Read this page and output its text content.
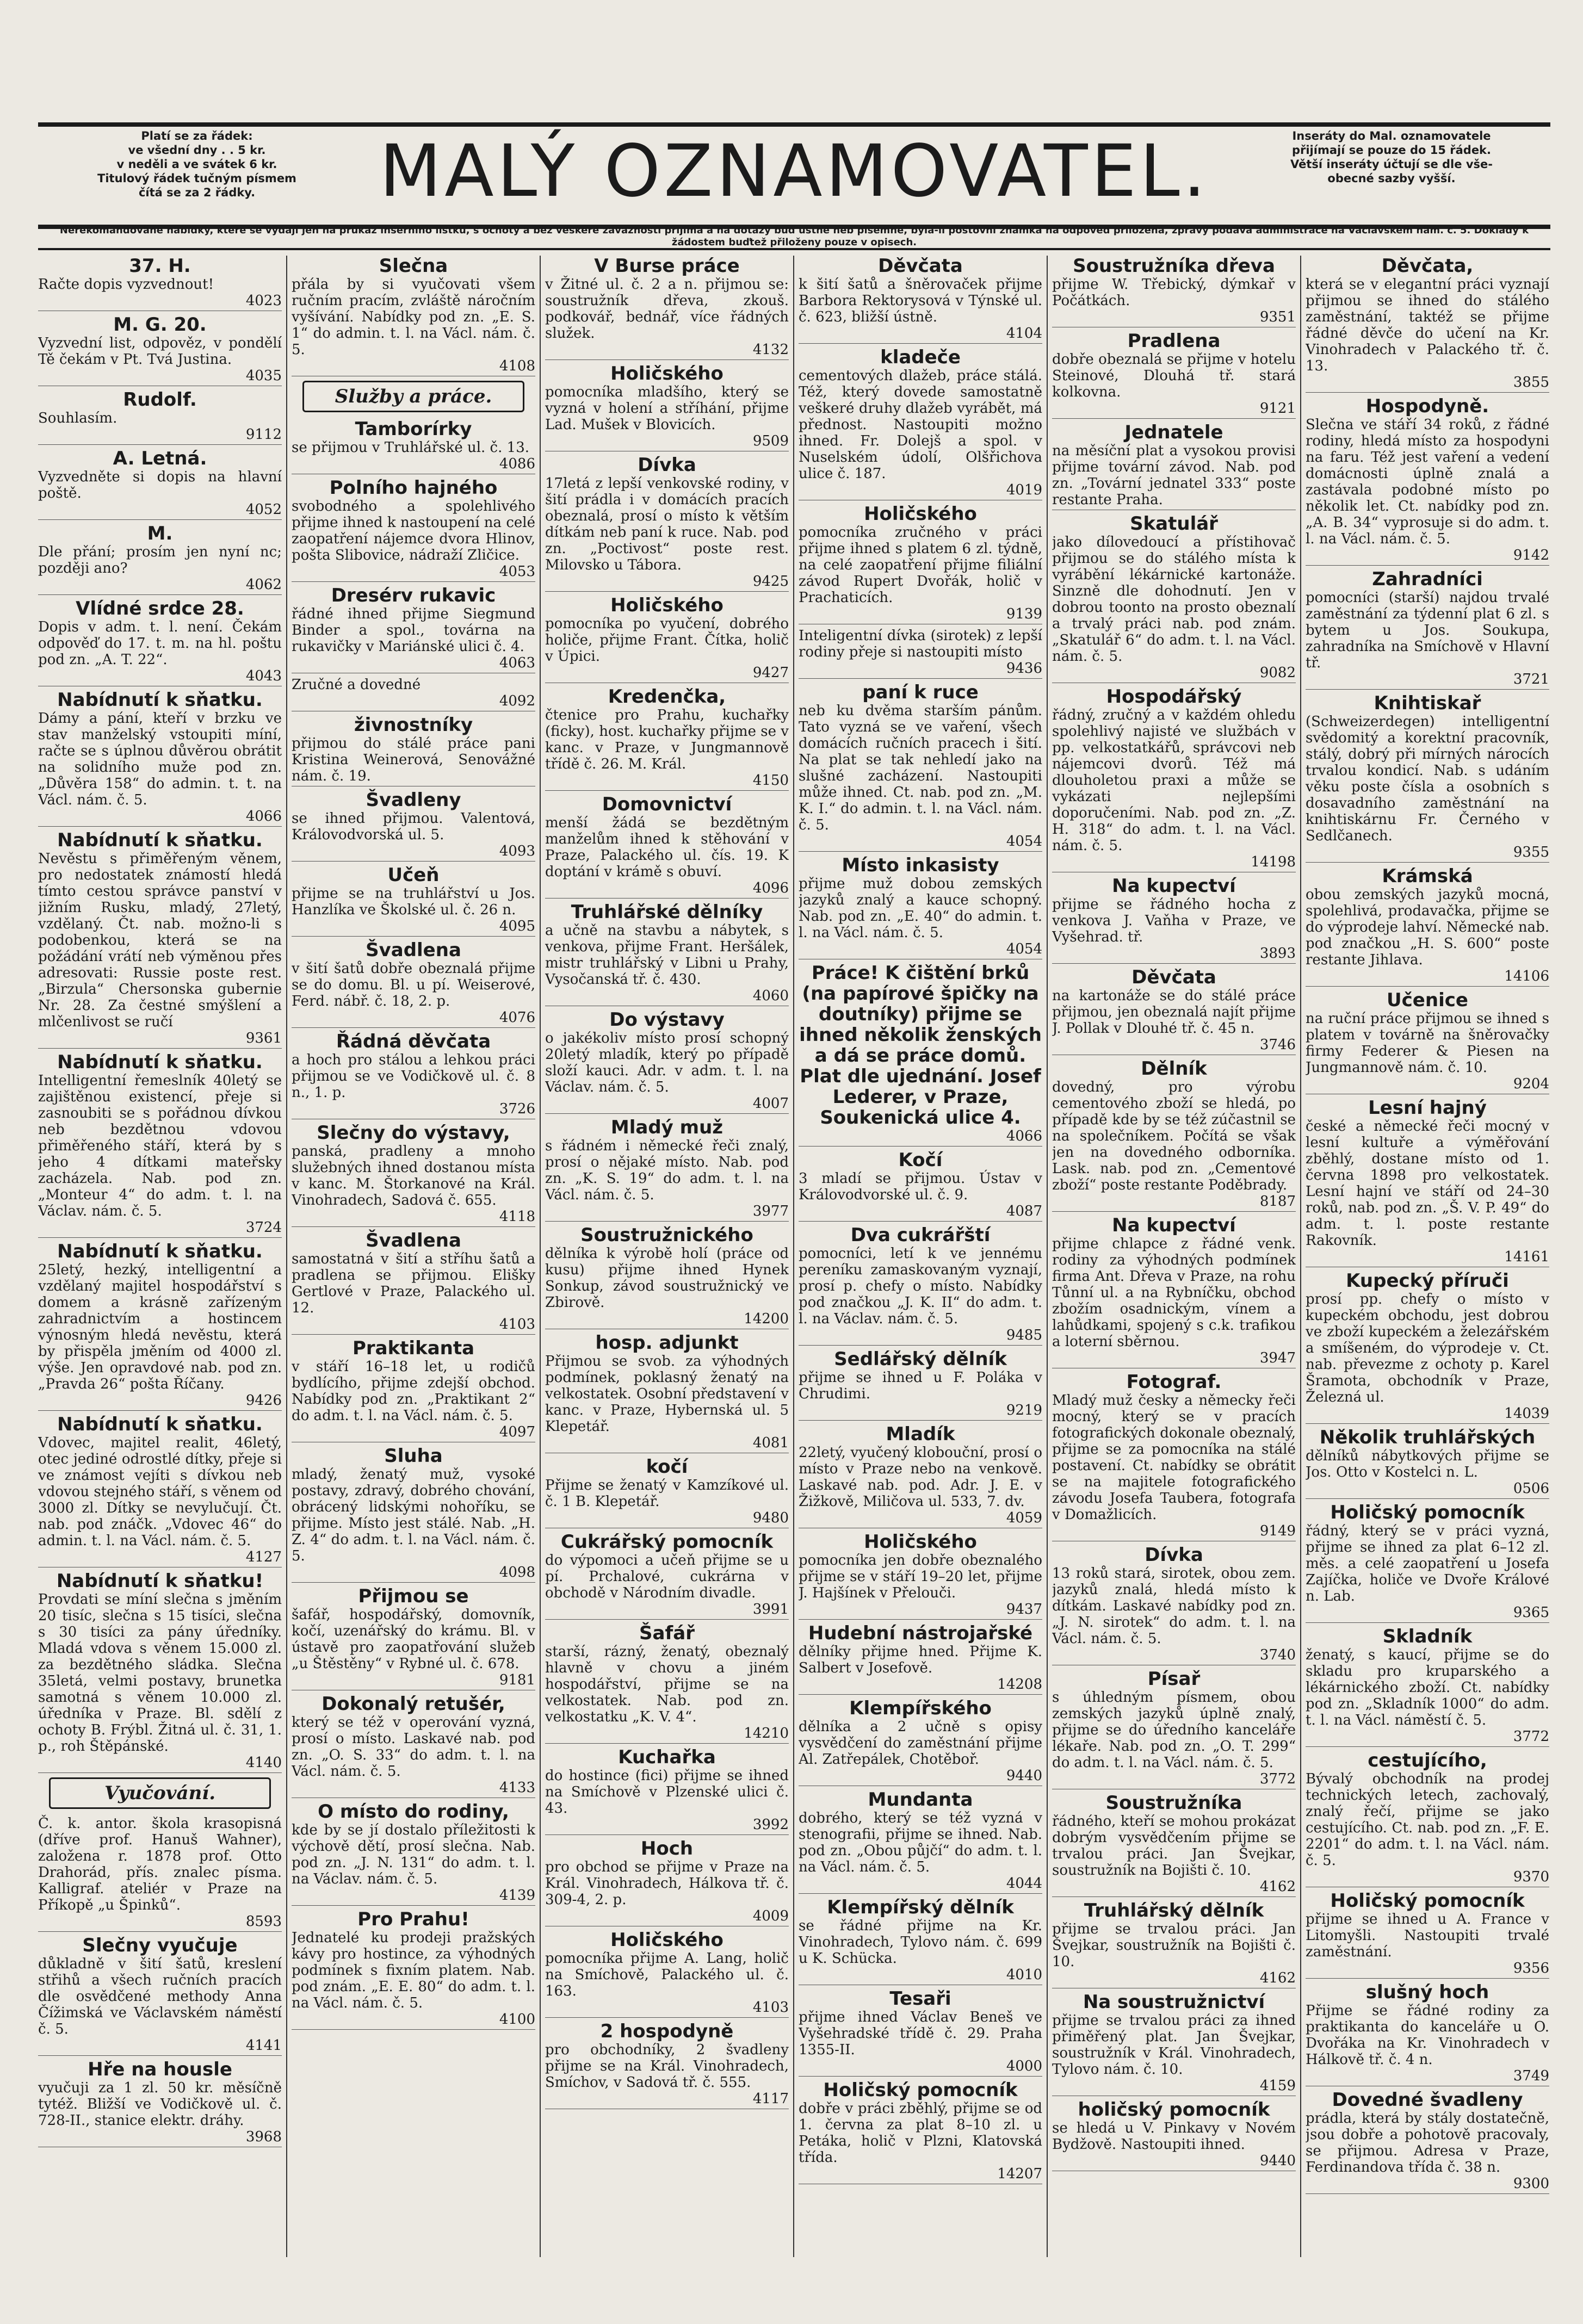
Platí se za řádek:
ve všední dny . . 5 kr.
v neděli a ve svátek 6 kr.
Titulový řádek tučným písmem
čítá se za 2 řádky.	MALÝ OZNAMOVATEL.	Inseráty do Mal. oznamovatele
přijímají se pouze do 15 řádek.
Větší inseráty účtují se dle vše-
obecné sazby vyšší.
Nerekomandované nabídky, které se vydají jen na průkaz inserního lístku, s ochoty a bez veškeré závaznosti přijímá a na dotazy buď ústně neb písemně, byla-li poštovní známka na odpověď přiložena, zprávy podává administrace na Václavském nám. č. 5. Doklady k žádostem buďtež přiloženy pouze v opisech.
37. H.
Račte dopis vyzvednout!
4023
M. G. 20.
Vyzvední list, odpověz, v pondělí Tě čekám v Pt. Tvá Justina.
4035
Rudolf.
Souhlasím.
9112
A. Letná.
Vyzvedněte si dopis na hlavní poště.
4052
M.
Dle přání; prosím jen nyní nc; později ano?
4062
Vlídné srdce 28.
Dopis v adm. t. l. není. Čekám odpověď do 17. t. m. na hl. poštu pod zn. „A. T. 22“.
4043
Nabídnutí k sňatku.
Dámy a pání, kteří v brzku ve stav manželský vstoupiti míní, račte se s úplnou důvěrou obrátit na solidního muže pod zn. „Důvěra 158“ do admin. t. t. na Václ. nám. č. 5.
4066
Nabídnutí k sňatku.
Nevěstu s přiměřeným věnem, pro nedostatek známostí hledá tímto cestou správce panství v jižním Rusku, mladý, 27letý, vzdělaný. Čt. nab. možno-li s podobenkou, která se na požádání vrátí neb výměnou přes adresovati: Russie poste rest. „Birzula“ Chersonska gubernie Nr. 28. Za čestné smýšlení a mlčenlivost se ručí
9361
Nabídnutí k sňatku.
Intelligentní řemeslník 40letý se zajištěnou existencí, přeje si zasnoubiti se s pořádnou dívkou neb bezdětnou vdovou přiměřeného stáří, která by s jeho 4 dítkami mateřsky zacházela. Nab. pod zn. „Monteur 4“ do adm. t. l. na Václav. nám. č. 5.
3724
Nabídnutí k sňatku.
25letý, hezký, intelligentní a vzdělaný majitel hospodářství s domem a krásně zařízeným zahradnictvím a hostincem výnosným hledá nevěstu, která by přispěla jměním od 4000 zl. výše. Jen opravdové nab. pod zn. „Pravda 26“ pošta Říčany.
9426
Nabídnutí k sňatku.
Vdovec, majitel realit, 46letý, otec jediné odrostlé dítky, přeje si ve známost vejíti s dívkou neb vdovou stejného stáří, s věnem od 3000 zl. Dítky se nevylučují. Čt. nab. pod znáčk. „Vdovec 46“ do admin. t. l. na Václ. nám. č. 5.
4127
Nabídnutí k sňatku!
Provdati se míní slečna s jměním 20 tisíc, slečna s 15 tisíci, slečna s 30 tisíci za pány úředníky. Mladá vdova s věnem 15.000 zl. za bezdětného sládka. Slečna 35letá, velmi postavy, brunetka samotná s věnem 10.000 zl. úředníka v Praze. Bl. sdělí z ochoty B. Frýbl. Žitná ul. č. 31, 1. p., roh Štěpánské.
4140
Vyučování.
Č. k. antor. škola krasopisná (dříve prof. Hanuš Wahner), založena r. 1878 prof. Otto Drahorád, přís. znalec písma. Kalligraf. ateliér v Praze na Příkopě „u Špinků“.
8593
Slečny vyučuje
důkladně v šití šatů, kreslení střihů a všech ručních pracích dle osvědčené methody Anna Čížimská ve Václavském náměstí č. 5.
4141
Hře na housle
vyučuji za 1 zl. 50 kr. měsíčně tytéž. Bližší ve Vodičkově ul. č. 728-II., stanice elektr. dráhy.
3968
Slečna
přála by si vyučovati všem ručním pracím, zvláště náročním vyšívání. Nabídky pod zn. „E. S. 1“ do admin. t. l. na Václ. nám. č. 5.
4108
Služby a práce.
Tamborírky
se přijmou v Truhlářské ul. č. 13.
4086
Polního hajného
svobodného a spolehlivého přijme ihned k nastoupení na celé zaopatření nájemce dvora Hlinov, pošta Slibovice, nádraží Zličice.
4053
Dresérv rukavic
řádné ihned přijme Siegmund Binder a spol., továrna na rukavičky v Mariánské ulici č. 4.
4063
Zručné a dovedné
4092
živnostníky
přijmou do stálé práce pani Kristina Weinerová, Senovážné nám. č. 19.
Švadleny
se ihned přijmou. Valentová, Královodvorská ul. 5.
4093
Učeň
přijme se na truhlářství u Jos. Hanzlíka ve Školské ul. č. 26 n.
4095
Švadlena
v šití šatů dobře obeznalá přijme se do domu. Bl. u pí. Weiserové, Ferd. nábř. č. 18, 2. p.
4076
Řádná děvčata
a hoch pro stálou a lehkou práci přijmou se ve Vodičkově ul. č. 8 n., 1. p.
3726
Slečny do výstavy,
panská, pradleny a mnoho služebných ihned dostanou místa v kanc. M. Štorkanové na Král. Vinohradech, Sadová č. 655.
4118
Švadlena
samostatná v šití a stříhu šatů a pradlena se přijmou. Elišky Gertlové v Praze, Palackého ul. 12.
4103
Praktikanta
v stáří 16–18 let, u rodičů bydlícího, přijme zdejší obchod. Nabídky pod zn. „Praktikant 2“ do adm. t. l. na Václ. nám. č. 5.
4097
Sluha
mladý, ženatý muž, vysoké postavy, zdravý, dobrého chování, obrácený lidskými nohoříku, se přijme. Místo jest stálé. Nab. „H. Z. 4“ do adm. t. l. na Václ. nám. č. 5.
4098
Přijmou se
šafář, hospodářský, domovník, kočí, uzenářský do krámu. Bl. v ústavě pro zaopatřování služeb „u Štěstěny“ v Rybné ul. č. 678.
9181
Dokonalý retušér,
který se též v operování vyzná, prosí o místo. Laskavé nab. pod zn. „O. S. 33“ do adm. t. l. na Václ. nám. č. 5.
4133
O místo do rodiny,
kde by se jí dostalo příležitosti k výchově dětí, prosí slečna. Nab. pod zn. „J. N. 131“ do adm. t. l. na Václav. nám. č. 5.
4139
Pro Prahu!
Jednatelé ku prodeji pražských kávy pro hostince, za výhodných podmínek s fixním platem. Nab. pod znám. „E. E. 80“ do adm. t. l. na Václ. nám. č. 5.
4100
V Burse práce
v Žitné ul. č. 2 a n. přijmou se: soustružník dřeva, zkouš. podkovář, bednář, více řádných služek.
4132
Holičského
pomocníka mladšího, který se vyzná v holení a stříhání, přijme Lad. Mušek v Blovicích.
9509
Dívka
17letá z lepší venkovské rodiny, v šití prádla i v domácích pracích obeznalá, prosí o místo k větším dítkám neb paní k ruce. Nab. pod zn. „Poctivost“ poste rest. Milovsko u Tábora.
9425
Holičského
pomocníka po vyučení, dobrého holiče, přijme Frant. Čítka, holič v Úpici.
9427
Kredenčka,
čtenice pro Prahu, kuchařky (ficky), host. kuchařky přijme se v kanc. v Praze, v Jungmannově třídě č. 26. M. Král.
4150
Domovnictví
menší žádá se bezdětným manželům ihned k stěhování v Praze, Palackého ul. čís. 19. K doptání v krámě s obuví.
4096
Truhlářské dělníky
a učně na stavbu a nábytek, s venkova, přijme Frant. Heršálek, mistr truhlářský v Libni u Prahy, Vysočanská tř. č. 430.
4060
Do výstavy
o jakékoliv místo prosí schopný 20letý mladík, který po případě složí kauci. Adr. v adm. t. l. na Václav. nám. č. 5.
4007
Mladý muž
s řádném i německé řeči znalý, prosí o nějaké místo. Nab. pod zn. „K. S. 19“ do adm. t. l. na Václ. nám. č. 5.
3977
Soustružnického
dělníka k výrobě holí (práce od kusu) přijme ihned Hynek Sonkup, závod soustružnický ve Zbirově.
14200
hosp. adjunkt
Přijmou se svob. za výhodných podmínek, poklasný ženatý na velkostatek. Osobní představení v kanc. v Praze, Hybernská ul. 5 Klepetář.
4081
kočí
Přijme se ženatý v Kamzíkové ul. č. 1 B. Klepetář.
9480
Cukrářský pomocník
do výpomoci a učeň přijme se u pí. Prchalové, cukrárna v obchodě v Národním divadle.
3991
Šafář
starší, rázný, ženatý, obeznalý hlavně v chovu a jiném hospodářství, přijme se na velkostatek. Nab. pod zn. velkostatku „K. V. 4“.
14210
Kuchařka
do hostince (fici) přijme se ihned na Smíchově v Plzenské ulici č. 43.
3992
Hoch
pro obchod se přijme v Praze na Král. Vinohradech, Hálkova tř. č. 309-4, 2. p.
4009
Holičského
pomocníka přijme A. Lang, holič na Smíchově, Palackého ul. č. 163.
4103
2 hospodyně
pro obchodníky, 2 švadleny přijme se na Král. Vinohradech, Smíchov, v Sadová tř. č. 555.
4117
Děvčata
k šití šatů a šněrovaček přijme Barbora Rektorysová v Týnské ul. č. 623, bližší ústně.
4104
kladeče
cementových dlažeb, práce stálá. Též, který dovede samostatně veškeré druhy dlažeb vyrábět, má přednost. Nastoupiti možno ihned. Fr. Dolejš a spol. v Nuselském údolí, Olšřichova ulice č. 187.
4019
Holičského
pomocníka zručného v práci přijme ihned s platem 6 zl. týdně, na celé zaopatření přijme filiální závod Rupert Dvořák, holič v Prachaticích.
9139
Inteligentní dívka (sirotek) z lepší rodiny přeje si nastoupiti místo
9436
paní k ruce
neb ku dvěma starším pánům. Tato vyzná se ve vaření, všech domácích ručních pracech i šití. Na plat se tak nehledí jako na slušné zacházení. Nastoupiti může ihned. Ct. nab. pod zn. „M. K. I.“ do admin. t. l. na Václ. nám. č. 5.
4054
Místo inkasisty
přijme muž dobou zemských jazyků znalý a kauce schopný. Nab. pod zn. „E. 40“ do admin. t. l. na Václ. nám. č. 5.
4054
Práce! K čištění brků (na papírové špičky na doutníky) přijme se ihned několik ženských a dá se práce domů. Plat dle ujednání. Josef Lederer, v Praze, Soukenická ulice 4.
4066
Kočí
3 mladí se přijmou. Ústav v Královodvorské ul. č. 9.
4087
Dva cukrářští
pomocníci, letí k ve jennému pereníku zamaskovaným vyznají, prosí p. chefy o místo. Nabídky pod značkou „J. K. II“ do adm. t. l. na Václav. nám. č. 5.
9485
Sedlářský dělník
přijme se ihned u F. Poláka v Chrudimi.
9219
Mladík
22letý, vyučený klobouční, prosí o místo v Praze nebo na venkově. Laskavé nab. pod. Adr. J. E. v Žižkově, Miličova ul. 533, 7. dv.
4059
Holičského
pomocníka jen dobře obeznalého přijme se v stáří 19–20 let, přijme J. Hajšínek v Přelouči.
9437
Hudební nástrojařské
dělníky přijme hned. Přijme K. Salbert v Josefově.
14208
Klempířského
dělníka a 2 učně s opisy vysvědčení do zaměstnání přijme Al. Zatřepálek, Chotěboř.
9440
Mundanta
dobrého, který se též vyzná v stenografii, přijme se ihned. Nab. pod zn. „Obou půjčí“ do adm. t. l. na Václ. nám. č. 5.
4044
Klempířský dělník
se řádné přijme na Kr. Vinohradech, Tylovo nám. č. 699 u K. Schücka.
4010
Tesaři
přijme ihned Václav Beneš ve Vyšehradské třídě č. 29. Praha 1355-II.
4000
Holičský pomocník
dobře v práci zběhlý, přijme se od 1. června za plat 8–10 zl. u Petáka, holič v Plzni, Klatovská třída.
14207
Soustružníka dřeva
přijme W. Třebický, dýmkař v Počátkách.
9351
Pradlena
dobře obeznalá se přijme v hotelu Steinové, Dlouhá tř. stará kolkovna.
9121
Jednatele
na měsíční plat a vysokou provisi přijme tovární závod. Nab. pod zn. „Tovární jednatel 333“ poste restante Praha.
Skatulář
jako dílovedoucí a přístihovač přijmou se do stálého místa k vyrábění lékárnické kartonáže. Sinzně dle dohodnutí. Jen v dobrou toonto na prosto obeznalí a trvalý práci nab. pod znám. „Skatulář 6“ do adm. t. l. na Václ. nám. č. 5.
9082
Hospodářský
řádný, zručný a v každém ohledu spolehlivý najisté ve službách v pp. velkostatkářů, správcovi neb nájemcovi dvorů. Též má dlouholetou praxi a může se vykázati nejlepšími doporučeními. Nab. pod zn. „Z. H. 318“ do adm. t. l. na Václ. nám. č. 5.
14198
Na kupectví
přijme se řádného hocha z venkova J. Vaňha v Praze, ve Vyšehrad. tř.
3893
Děvčata
na kartonáže se do stálé práce přijmou, jen obeznalá najít přijme J. Pollak v Dlouhé tř. č. 45 n.
3746
Dělník
dovedný, pro výrobu cementového zboží se hledá, po případě kde by se též zúčastnil se na společníkem. Počítá se však jen na dovedného odborníka. Lask. nab. pod zn. „Cementové zboží“ poste restante Poděbrady.
8187
Na kupectví
přijme chlapce z řádné venk. rodiny za výhodných podmínek firma Ant. Dřeva v Praze, na rohu Tůnní ul. a na Rybníčku, obchod zbožím osadnickým, vínem a lahůdkami, spojený s c.k. trafikou a loterní sběrnou.
3947
Fotograf.
Mladý muž česky a německy řeči mocný, který se v pracích fotografických dokonale obeznalý, přijme se za pomocníka na stálé postavení. Ct. nabídky se obrátit se na majitele fotografického závodu Josefa Taubera, fotografa v Domažlicích.
9149
Dívka
13 roků stará, sirotek, obou zem. jazyků znalá, hledá místo k dítkám. Laskavé nabídky pod zn. „J. N. sirotek“ do adm. t. l. na Václ. nám. č. 5.
3740
Písař
s úhledným písmem, obou zemských jazyků úplně znalý, přijme se do úředního kanceláře lékaře. Nab. pod zn. „O. T. 299“ do adm. t. l. na Václ. nám. č. 5.
3772
Soustružníka
řádného, kteří se mohou prokázat dobrým vysvědčením přijme se trvalou práci. Jan Švejkar, soustružník na Bojišti č. 10.
4162
Truhlářský dělník
přijme se trvalou práci. Jan Švejkar, soustružník na Bojišti č. 10.
4162
Na soustružnictví
přijme se trvalou práci za ihned přiměřený plat. Jan Švejkar, soustružník v Král. Vinohradech, Tylovo nám. č. 10.
4159
holičský pomocník
se hledá u V. Pinkavy v Novém Bydžově. Nastoupiti ihned.
9440
Děvčata,
která se v elegantní práci vyznají přijmou se ihned do stálého zaměstnání, taktéž se přijme řádné děvče do učení na Kr. Vinohradech v Palackého tř. č. 13.
3855
Hospodyně.
Slečna ve stáří 34 roků, z řádné rodiny, hledá místo za hospodyni na faru. Též jest vaření a vedení domácnosti úplně znalá a zastávala podobné místo po několik let. Ct. nabídky pod zn. „A. B. 34“ vyprosuje si do adm. t. l. na Václ. nám. č. 5.
9142
Zahradníci
pomocníci (starší) najdou trvalé zaměstnání za týdenní plat 6 zl. s bytem u Jos. Soukupa, zahradníka na Smíchově v Hlavní tř.
3721
Knihtiskař
(Schweizerdegen) intelligentní svědomitý a korektní pracovník, stálý, dobrý při mírných nárocích trvalou kondicí. Nab. s udáním věku poste čísla a osobních s dosavadního zaměstnání na knihtiskárnu Fr. Černého v Sedlčanech.
9355
Krámská
obou zemských jazyků mocná, spolehlivá, prodavačka, přijme se do výprodeje lahví. Německé nab. pod značkou „H. S. 600“ poste restante Jihlava.
14106
Učenice
na ruční práce přijmou se ihned s platem v továrně na šněrovačky firmy Federer & Piesen na Jungmannově nám. č. 10.
9204
Lesní hajný
české a německé řeči mocný v lesní kultuře a výměřování zběhlý, dostane místo od 1. června 1898 pro velkostatek. Lesní hajní ve stáří od 24–30 roků, nab. pod zn. „Š. V. P. 49“ do adm. t. l. poste restante Rakovník.
14161
Kupecký příruči
prosí pp. chefy o místo v kupeckém obchodu, jest dobrou ve zboží kupeckém a železářském a smíšeném, do výprodeje v. Ct. nab. převezme z ochoty p. Karel Šramota, obchodník v Praze, Železná ul.
14039
Několik truhlářských
dělníků nábytkových přijme se Jos. Otto v Kostelci n. L.
0506
Holičský pomocník
řádný, který se v práci vyzná, přijme se ihned za plat 6–12 zl. měs. a celé zaopatření u Josefa Zajíčka, holiče ve Dvoře Králové n. Lab.
9365
Skladník
ženatý, s kaucí, přijme se do skladu pro kruparského a lékárnického zboží. Ct. nabídky pod zn. „Skladník 1000“ do adm. t. l. na Václ. náměstí č. 5.
3772
cestujícího,
Bývalý obchodník na prodej technických letech, zachovalý, znalý řečí, přijme se jako cestujícího. Ct. nab. pod zn. „F. E. 2201“ do adm. t. l. na Václ. nám. č. 5.
9370
Holičský pomocník
přijme se ihned u A. France v Litomyšli. Nastoupiti trvalé zaměstnání.
9356
slušný hoch
Přijme se řádné rodiny za praktikanta do kanceláře u O. Dvořáka na Kr. Vinohradech v Hálkově tř. č. 4 n.
3749
Dovedné švadleny
prádla, která by stály dostatečně, jsou dobře a pohotově pracovaly, se přijmou. Adresa v Praze, Ferdinandova třída č. 38 n.
9300
